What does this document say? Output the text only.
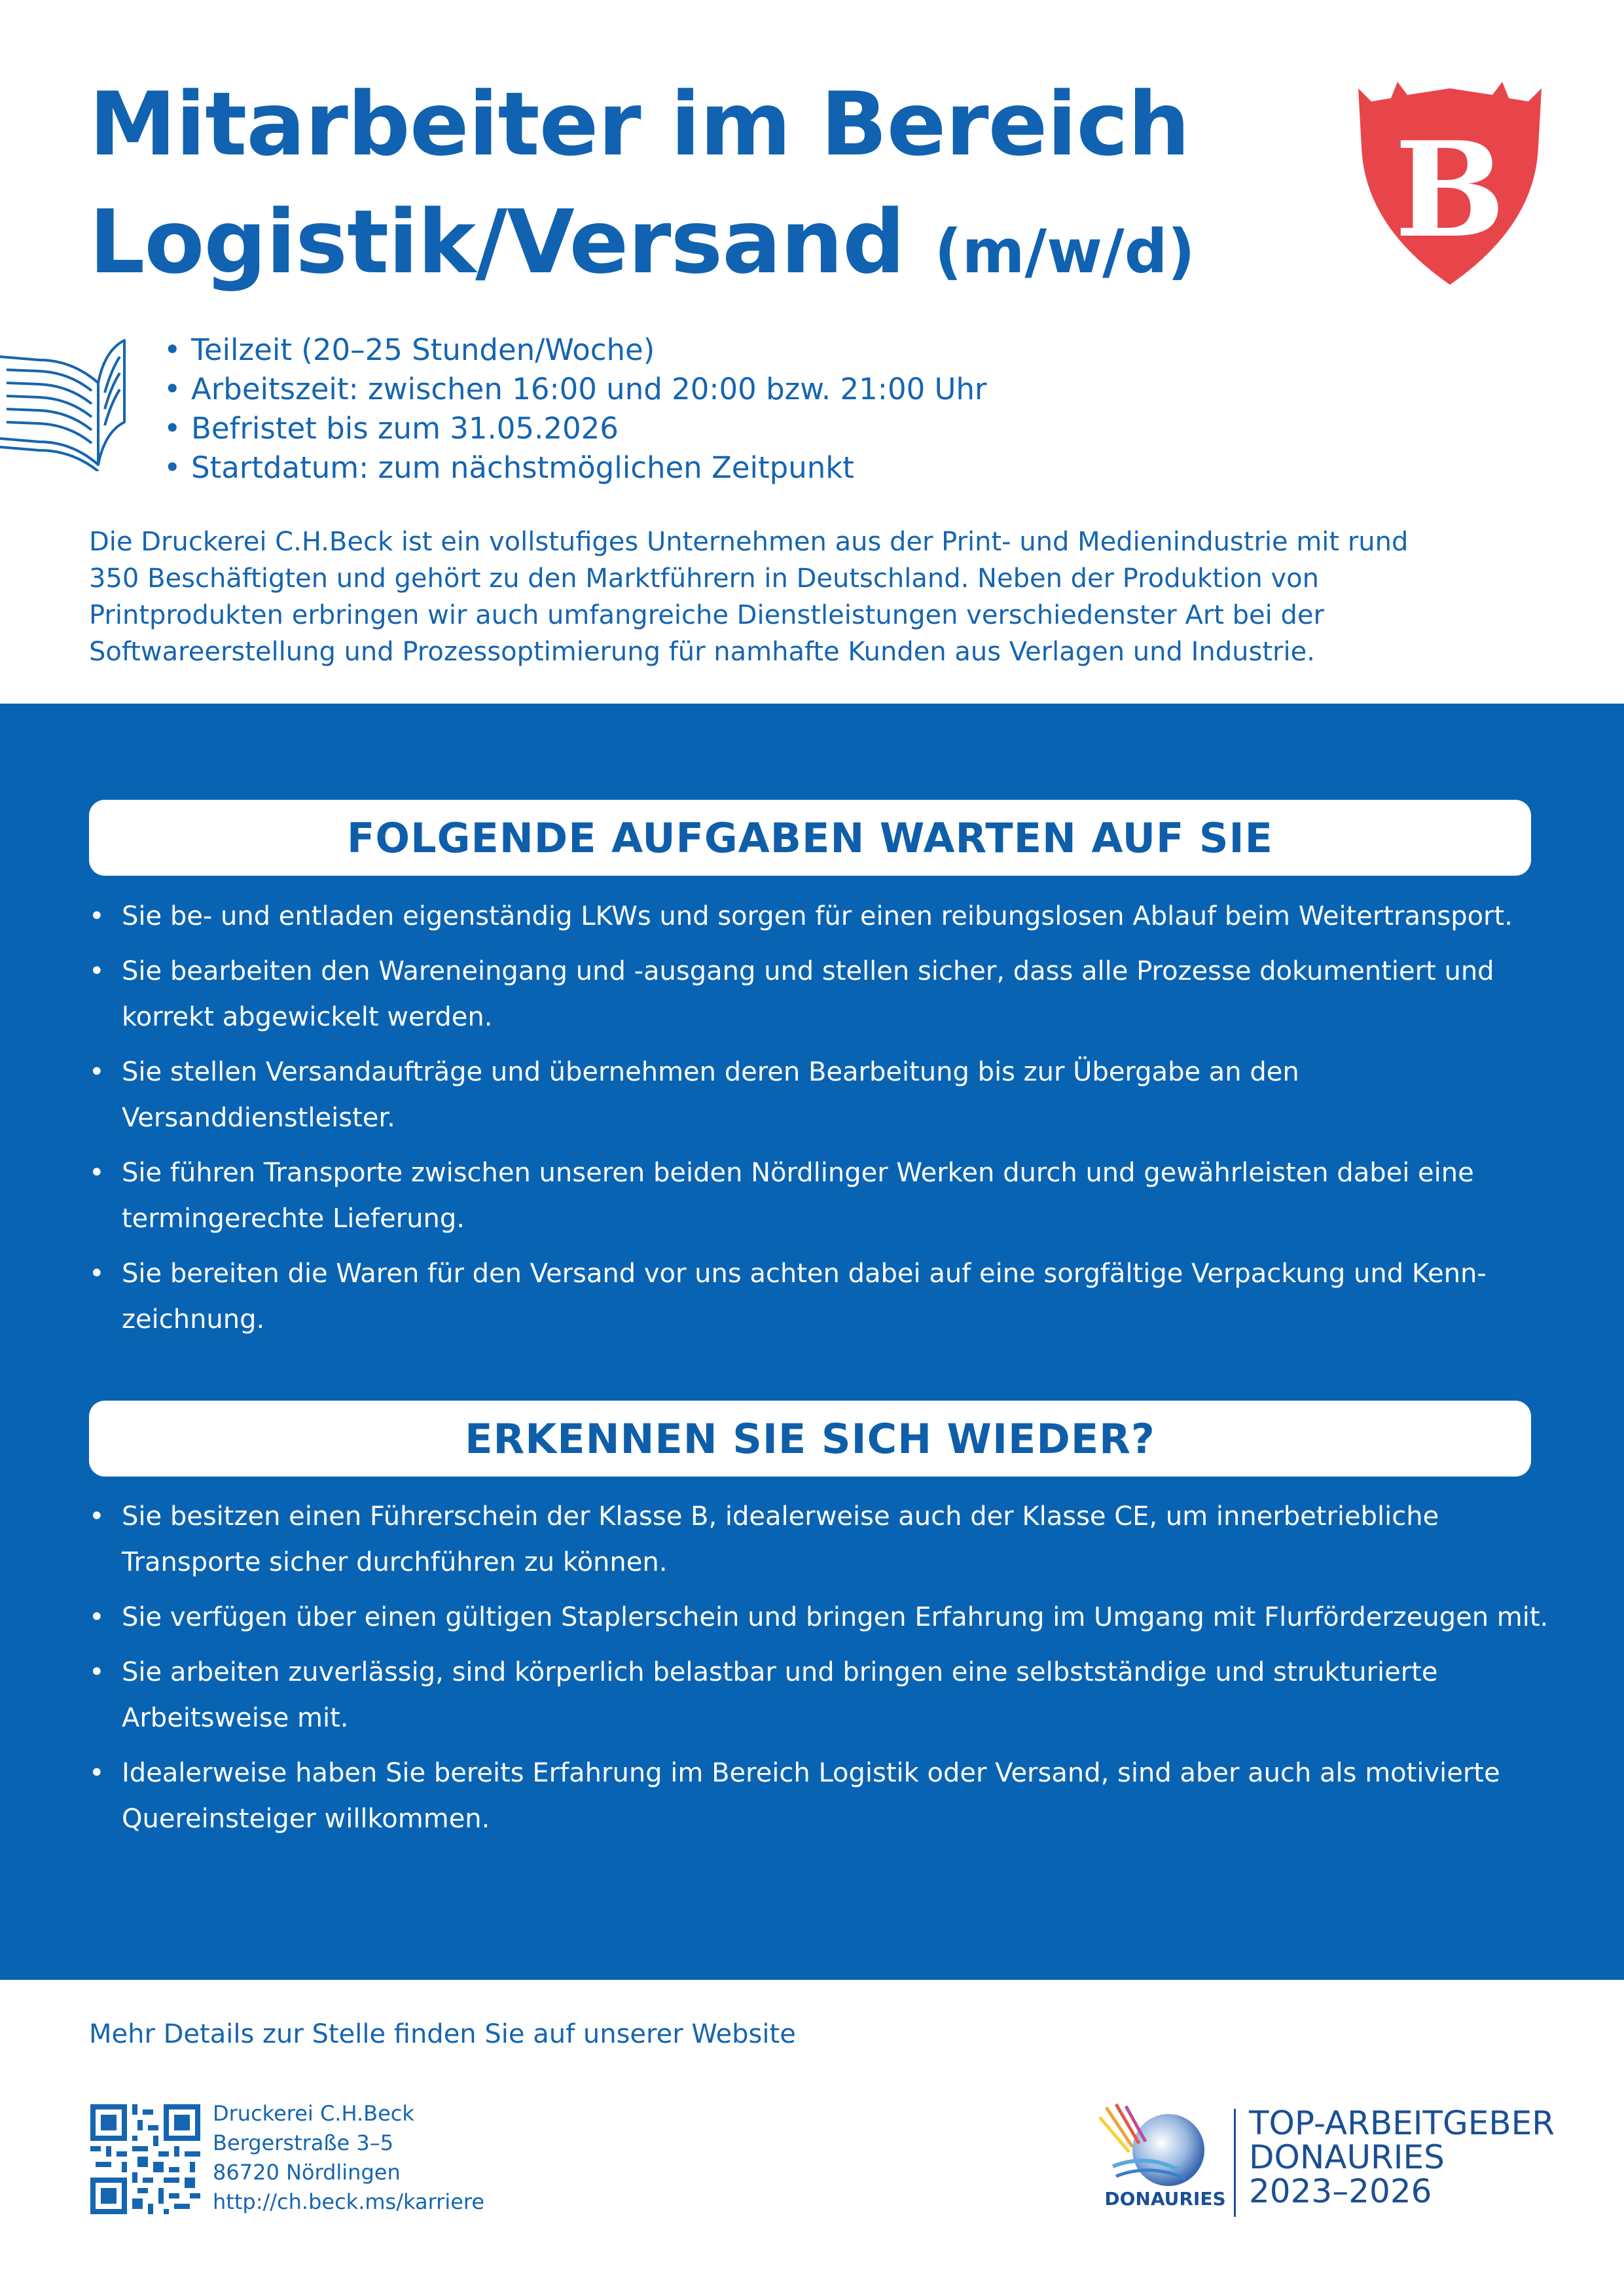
Mitarbeiter im Bereich
Logistik/Versand (m/w/d)	B
• Teilzeit (20–25 Stunden/Woche)
• Arbeitszeit: zwischen 16:00 und 20:00 bzw. 21:00 Uhr
• Befristet bis zum 31.05.2026
• Startdatum: zum nächstmöglichen Zeitpunkt

Die Druckerei C.H.Beck ist ein vollstufiges Unternehmen aus der Print- und Medienindustrie mit rund 350 Beschäftigten und gehört zu den Marktführern in Deutschland. Neben der Produktion von Printprodukten erbringen wir auch umfangreiche Dienstleistungen verschiedenster Art bei der Softwareerstellung und Prozessoptimierung für namhafte Kunden aus Verlagen und Industrie.

FOLGENDE AUFGABEN WARTEN AUF SIE
• Sie be- und entladen eigenständig LKWs und sorgen für einen reibungslosen Ablauf beim Weitertransport.
• Sie bearbeiten den Wareneingang und -ausgang und stellen sicher, dass alle Prozesse dokumentiert und korrekt abgewickelt werden.
• Sie stellen Versandaufträge und übernehmen deren Bearbeitung bis zur Übergabe an den Versanddienstleister.
• Sie führen Transporte zwischen unseren beiden Nördlinger Werken durch und gewährleisten dabei eine termingerechte Lieferung.
• Sie bereiten die Waren für den Versand vor uns achten dabei auf eine sorgfältige Verpackung und Kenn-zeichnung.
ERKENNEN SIE SICH WIEDER?
• Sie besitzen einen Führerschein der Klasse B, idealerweise auch der Klasse CE, um innerbetriebliche Transporte sicher durchführen zu können.
• Sie verfügen über einen gültigen Staplerschein und bringen Erfahrung im Umgang mit Flurförderzeugen mit.
• Sie arbeiten zuverlässig, sind körperlich belastbar und bringen eine selbstständige und strukturierte Arbeitsweise mit.
• Idealerweise haben Sie bereits Erfahrung im Bereich Logistik oder Versand, sind aber auch als motivierte Quereinsteiger willkommen.

Mehr Details zur Stelle finden Sie auf unserer Website

Druckerei C.H.Beck
Bergerstraße 3–5
86720 Nördlingen
http://ch.beck.ms/karriere	DONAURIES
TOP-ARBEITGEBER
DONAURIES
2023–2026
